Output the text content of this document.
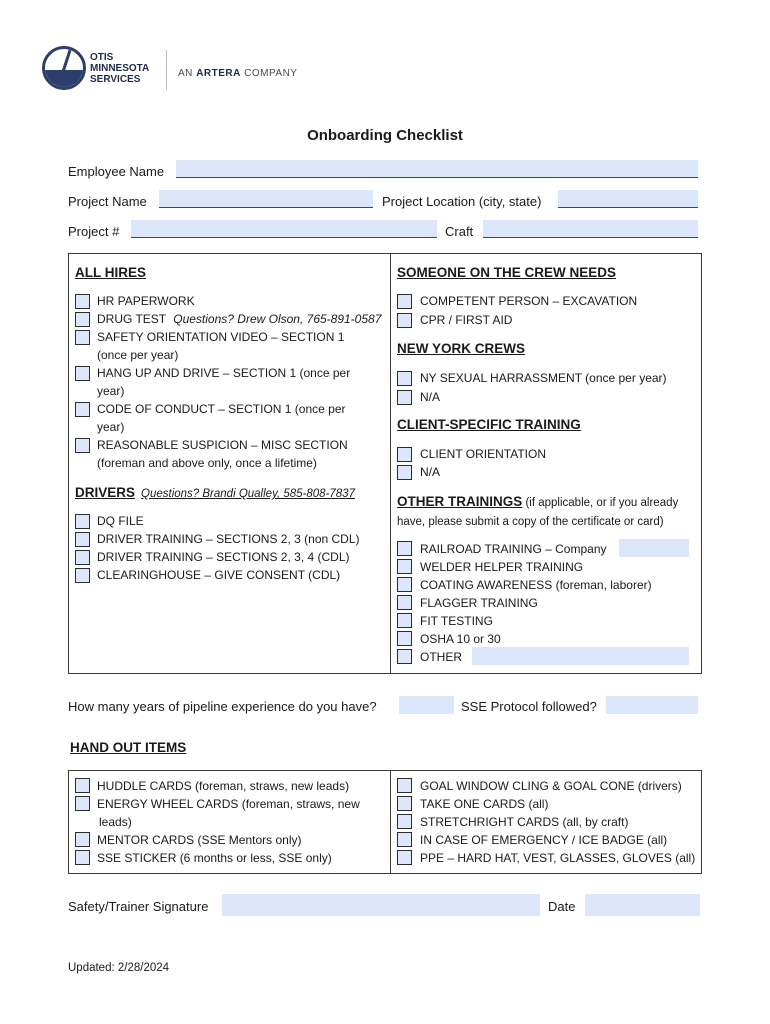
OTIS
MINNESOTA
SERVICES
AN ARTERA COMPANY
Onboarding Checklist
Employee Name
Project Name	Project Location (city, state)
Project #	Craft
ALL HIRES
HR PAPERWORK
DRUG TEST Questions? Drew Olson, 765-891-0587
SAFETY ORIENTATION VIDEO – SECTION 1
(once per year)
HANG UP AND DRIVE – SECTION 1 (once per
year)
CODE OF CONDUCT – SECTION 1 (once per
year)
REASONABLE SUSPICION – MISC SECTION
(foreman and above only, once a lifetime)
DRIVERS Questions? Brandi Qualley, 585-808-7837
DQ FILE
DRIVER TRAINING – SECTIONS 2, 3 (non CDL)
DRIVER TRAINING – SECTIONS 2, 3, 4 (CDL)
CLEARINGHOUSE – GIVE CONSENT (CDL)
SOMEONE ON THE CREW NEEDS
COMPETENT PERSON – EXCAVATION
CPR / FIRST AID
NEW YORK CREWS
NY SEXUAL HARRASSMENT (once per year)
N/A
CLIENT-SPECIFIC TRAINING
CLIENT ORIENTATION
N/A
OTHER TRAININGS (if applicable, or if you already
have, please submit a copy of the certificate or card)
RAILROAD TRAINING – Company
WELDER HELPER TRAINING
COATING AWARENESS (foreman, laborer)
FLAGGER TRAINING
FIT TESTING
OSHA 10 or 30
OTHER
How many years of pipeline experience do you have?	SSE Protocol followed?
HAND OUT ITEMS
HUDDLE CARDS (foreman, straws, new leads)
ENERGY WHEEL CARDS (foreman, straws, new
leads)
MENTOR CARDS (SSE Mentors only)
SSE STICKER (6 months or less, SSE only)
GOAL WINDOW CLING & GOAL CONE (drivers)
TAKE ONE CARDS (all)
STRETCHRIGHT CARDS (all, by craft)
IN CASE OF EMERGENCY / ICE BADGE (all)
PPE – HARD HAT, VEST, GLASSES, GLOVES (all)
Safety/Trainer Signature	Date
Updated: 2/28/2024
